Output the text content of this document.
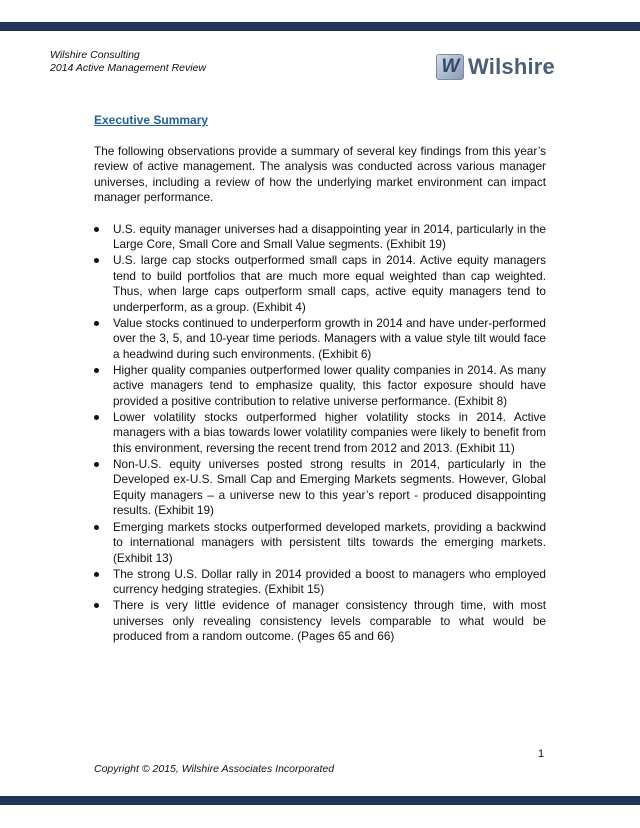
Wilshire Consulting
2014 Active Management Review	W Wilshire
Executive Summary

The following observations provide a summary of several key findings from this year’s review of active management. The analysis was conducted across various manager universes, including a review of how the underlying market environment can impact manager performance.

U.S. equity manager universes had a disappointing year in 2014, particularly in the Large Core, Small Core and Small Value segments. (Exhibit 19)
U.S. large cap stocks outperformed small caps in 2014. Active equity managers tend to build portfolios that are much more equal weighted than cap weighted. Thus, when large caps outperform small caps, active equity managers tend to underperform, as a group. (Exhibit 4)
Value stocks continued to underperform growth in 2014 and have under-performed over the 3, 5, and 10-year time periods. Managers with a value style tilt would face a headwind during such environments. (Exhibit 6)
Higher quality companies outperformed lower quality companies in 2014. As many active managers tend to emphasize quality, this factor exposure should have provided a positive contribution to relative universe performance. (Exhibit 8)
Lower volatility stocks outperformed higher volatility stocks in 2014. Active managers with a bias towards lower volatility companies were likely to benefit from this environment, reversing the recent trend from 2012 and 2013. (Exhibit 11)
Non-U.S. equity universes posted strong results in 2014, particularly in the Developed ex-U.S. Small Cap and Emerging Markets segments. However, Global Equity managers – a universe new to this year’s report - produced disappointing results. (Exhibit 19)
Emerging markets stocks outperformed developed markets, providing a backwind to international managers with persistent tilts towards the emerging markets. (Exhibit 13)
The strong U.S. Dollar rally in 2014 provided a boost to managers who employed currency hedging strategies. (Exhibit 15)
There is very little evidence of manager consistency through time, with most universes only revealing consistency levels comparable to what would be produced from a random outcome. (Pages 65 and 66)
1
Copyright © 2015, Wilshire Associates Incorporated
